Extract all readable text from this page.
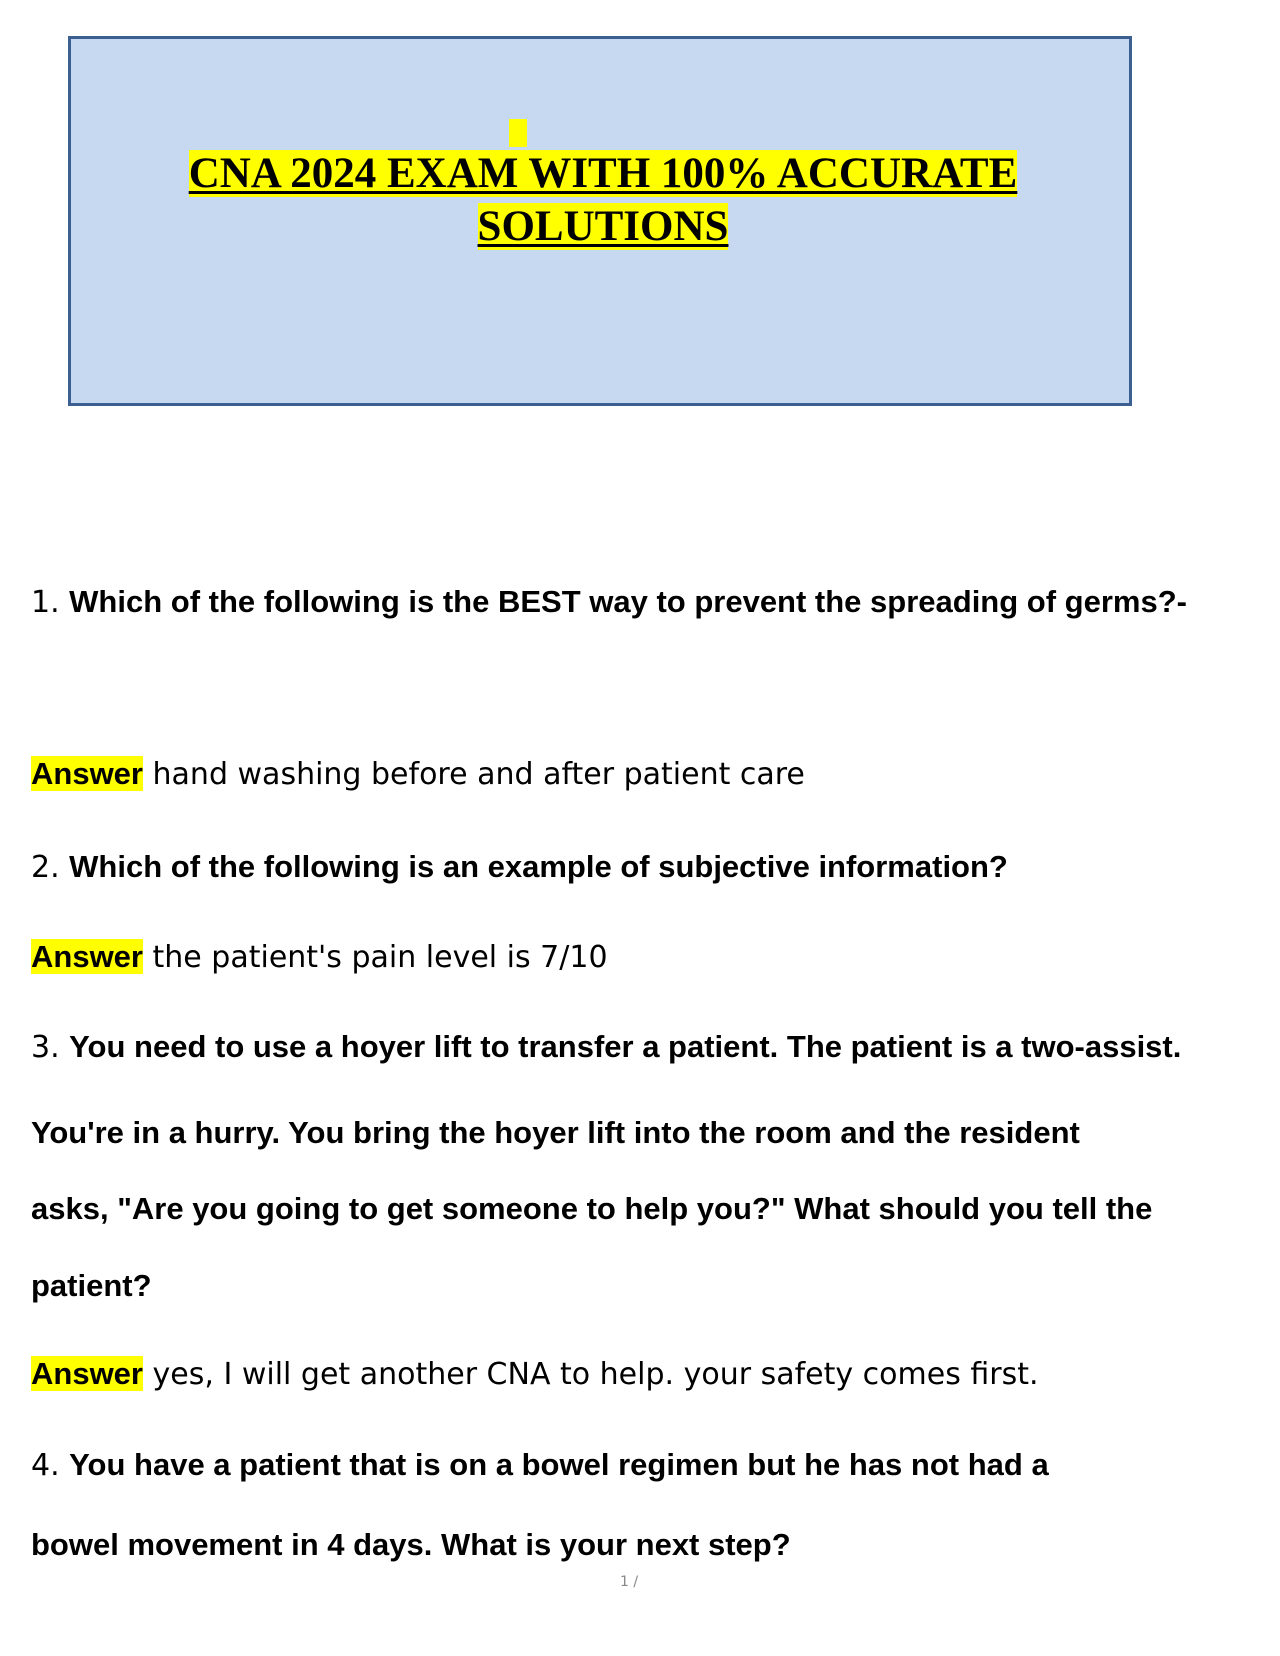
CNA 2024 EXAM WITH 100% ACCURATE
SOLUTIONS
1. Which of the following is the BEST way to prevent the spreading of germs?-
Answer hand washing before and after patient care
2. Which of the following is an example of subjective information?
Answer the patient's pain level is 7/10
3. You need to use a hoyer lift to transfer a patient. The patient is a two-assist.
You're in a hurry. You bring the hoyer lift into the room and the resident
asks, "Are you going to get someone to help you?" What should you tell the
patient?
Answer yes, I will get another CNA to help. your safety comes first.
4. You have a patient that is on a bowel regimen but he has not had a
bowel movement in 4 days. What is your next step?
1 /
